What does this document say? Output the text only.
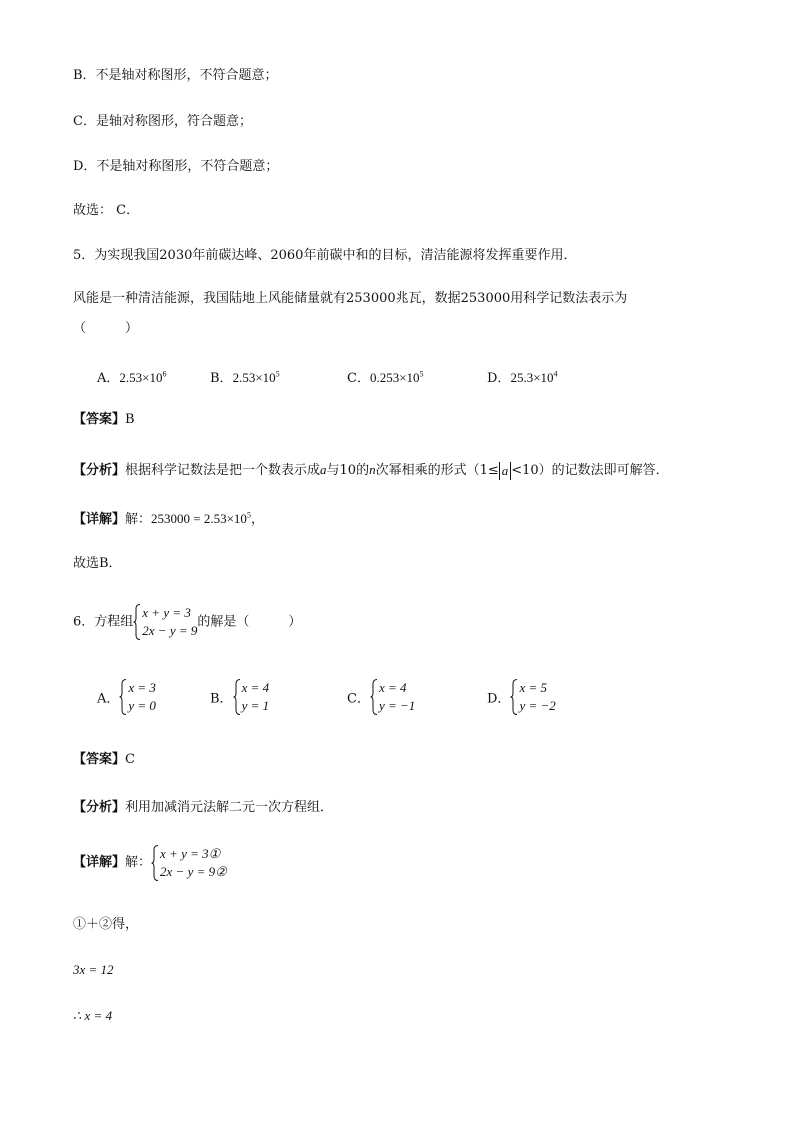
B．不是轴对称图形，不符合题意；
C．是轴对称图形，符合题意；
D．不是轴对称图形，不符合题意；
故选： C．
5．为实现我国2030年前碳达峰、2060年前碳中和的目标，清洁能源将发挥重要作用．
风能是一种清洁能源，我国陆地上风能储量就有253000兆瓦，数据253000用科学记数法表示为
（　　　）
A．$2.53\times 10^6$	B．$2.53\times 10^5$	C．$0.253\times 10^5$	D．$25.3\times 10^4$
【答案】B
【分析】根据科学记数法是把一个数表示成a与10的n次幂相乘的形式（1≤ a <10）的记数法即可解答．
【详解】解：$253000 = 2.53\times 10^5$，
故选B．
6．方程组
x + y = 3
2x − y = 9
的解是（　　　）
A．
x = 3
y = 0	B．
x = 4
y = 1	C．
x = 4
y = −1	D．
x = 5
y = −2
【答案】C
【分析】利用加减消元法解二元一次方程组．
【详解】解：
x + y = 3①
2x − y = 9②
①＋②得，
3x = 12
∴ x = 4
